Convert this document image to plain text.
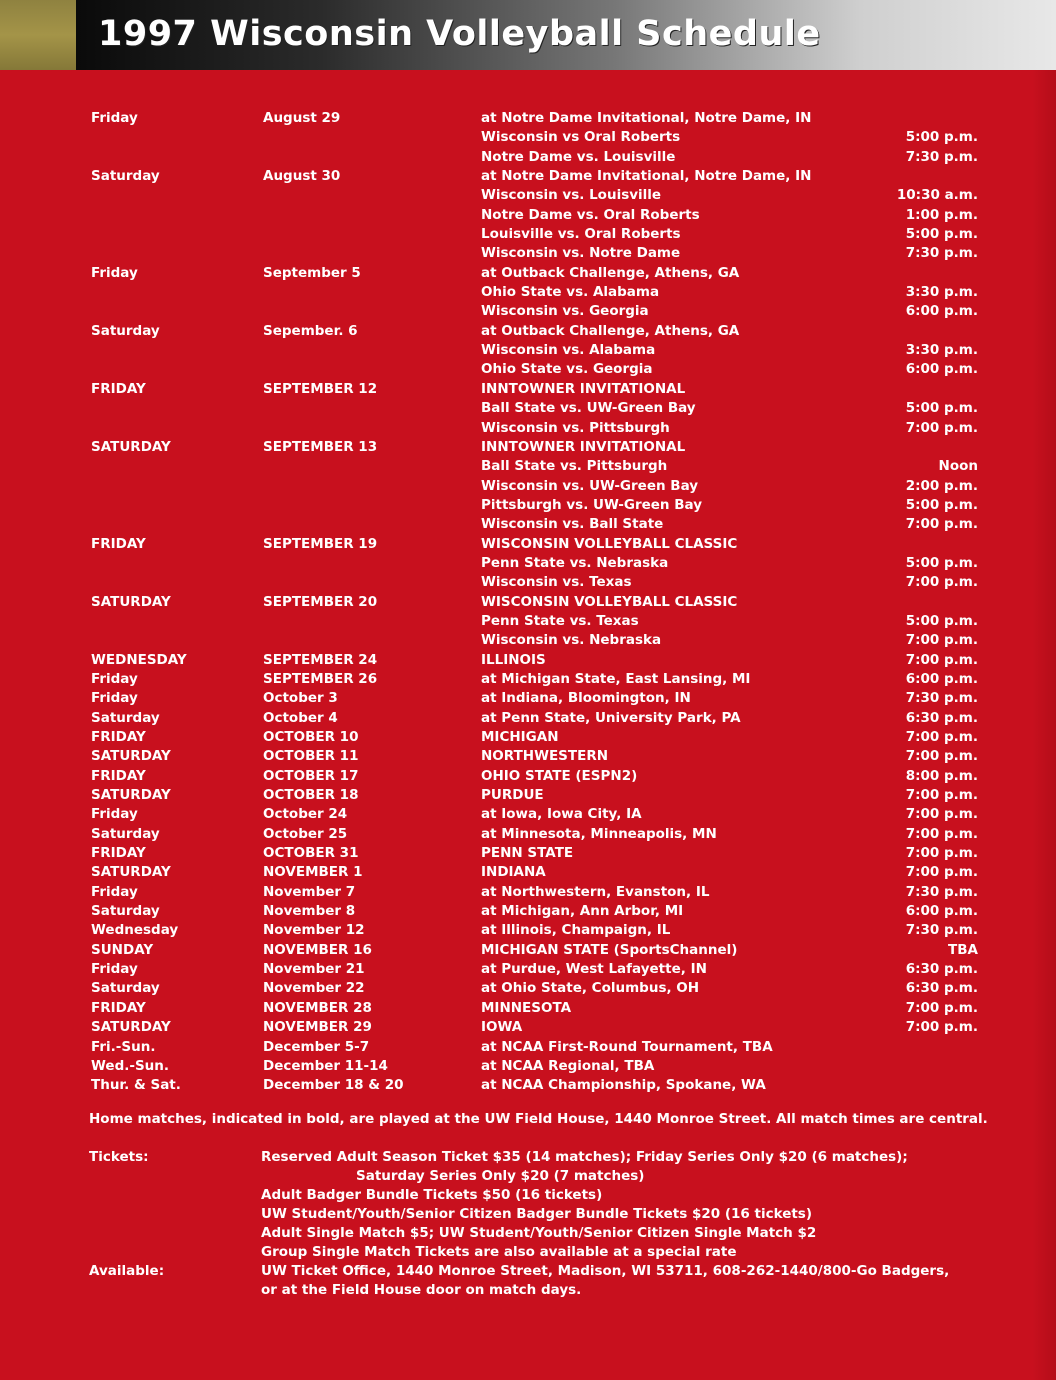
1997 Wisconsin Volleyball Schedule
Friday	August 29	at Notre Dame Invitational, Notre Dame, IN
Wisconsin vs Oral Roberts	5:00 p.m.
Notre Dame vs. Louisville	7:30 p.m.
Saturday	August 30	at Notre Dame Invitational, Notre Dame, IN
Wisconsin vs. Louisville	10:30 a.m.
Notre Dame vs. Oral Roberts	1:00 p.m.
Louisville vs. Oral Roberts	5:00 p.m.
Wisconsin vs. Notre Dame	7:30 p.m.
Friday	September 5	at Outback Challenge, Athens, GA
Ohio State vs. Alabama	3:30 p.m.
Wisconsin vs. Georgia	6:00 p.m.
Saturday	Sepember. 6	at Outback Challenge, Athens, GA
Wisconsin vs. Alabama	3:30 p.m.
Ohio State vs. Georgia	6:00 p.m.
FRIDAY	SEPTEMBER 12	INNTOWNER INVITATIONAL
Ball State vs. UW-Green Bay	5:00 p.m.
Wisconsin vs. Pittsburgh	7:00 p.m.
SATURDAY	SEPTEMBER 13	INNTOWNER INVITATIONAL
Ball State vs. Pittsburgh	Noon
Wisconsin vs. UW-Green Bay	2:00 p.m.
Pittsburgh vs. UW-Green Bay	5:00 p.m.
Wisconsin vs. Ball State	7:00 p.m.
FRIDAY	SEPTEMBER 19	WISCONSIN VOLLEYBALL CLASSIC
Penn State vs. Nebraska	5:00 p.m.
Wisconsin vs. Texas	7:00 p.m.
SATURDAY	SEPTEMBER 20	WISCONSIN VOLLEYBALL CLASSIC
Penn State vs. Texas	5:00 p.m.
Wisconsin vs. Nebraska	7:00 p.m.
WEDNESDAY	SEPTEMBER 24	ILLINOIS	7:00 p.m.
Friday	SEPTEMBER 26	at Michigan State, East Lansing, MI	6:00 p.m.
Friday	October 3	at Indiana, Bloomington, IN	7:30 p.m.
Saturday	October 4	at Penn State, University Park, PA	6:30 p.m.
FRIDAY	OCTOBER 10	MICHIGAN	7:00 p.m.
SATURDAY	OCTOBER 11	NORTHWESTERN	7:00 p.m.
FRIDAY	OCTOBER 17	OHIO STATE (ESPN2)	8:00 p.m.
SATURDAY	OCTOBER 18	PURDUE	7:00 p.m.
Friday	October 24	at Iowa, Iowa City, IA	7:00 p.m.
Saturday	October 25	at Minnesota, Minneapolis, MN	7:00 p.m.
FRIDAY	OCTOBER 31	PENN STATE	7:00 p.m.
SATURDAY	NOVEMBER 1	INDIANA	7:00 p.m.
Friday	November 7	at Northwestern, Evanston, IL	7:30 p.m.
Saturday	November 8	at Michigan, Ann Arbor, MI	6:00 p.m.
Wednesday	November 12	at Illinois, Champaign, IL	7:30 p.m.
SUNDAY	NOVEMBER 16	MICHIGAN STATE (SportsChannel)	TBA
Friday	November 21	at Purdue, West Lafayette, IN	6:30 p.m.
Saturday	November 22	at Ohio State, Columbus, OH	6:30 p.m.
FRIDAY	NOVEMBER 28	MINNESOTA	7:00 p.m.
SATURDAY	NOVEMBER 29	IOWA	7:00 p.m.
Fri.-Sun.	December 5-7	at NCAA First-Round Tournament, TBA
Wed.-Sun.	December 11-14	at NCAA Regional, TBA
Thur. & Sat.	December 18 & 20	at NCAA Championship, Spokane, WA

Home matches, indicated in bold, are played at the UW Field House, 1440 Monroe Street. All match times are central.

Tickets:	Reserved Adult Season Ticket $35 (14 matches); Friday Series Only $20 (6 matches);
Saturday Series Only $20 (7 matches)
Adult Badger Bundle Tickets $50 (16 tickets)
UW Student/Youth/Senior Citizen Badger Bundle Tickets $20 (16 tickets)
Adult Single Match $5; UW Student/Youth/Senior Citizen Single Match $2
Group Single Match Tickets are also available at a special rate
Available:	UW Ticket Office, 1440 Monroe Street, Madison, WI 53711, 608-262-1440/800-Go Badgers,
or at the Field House door on match days.
